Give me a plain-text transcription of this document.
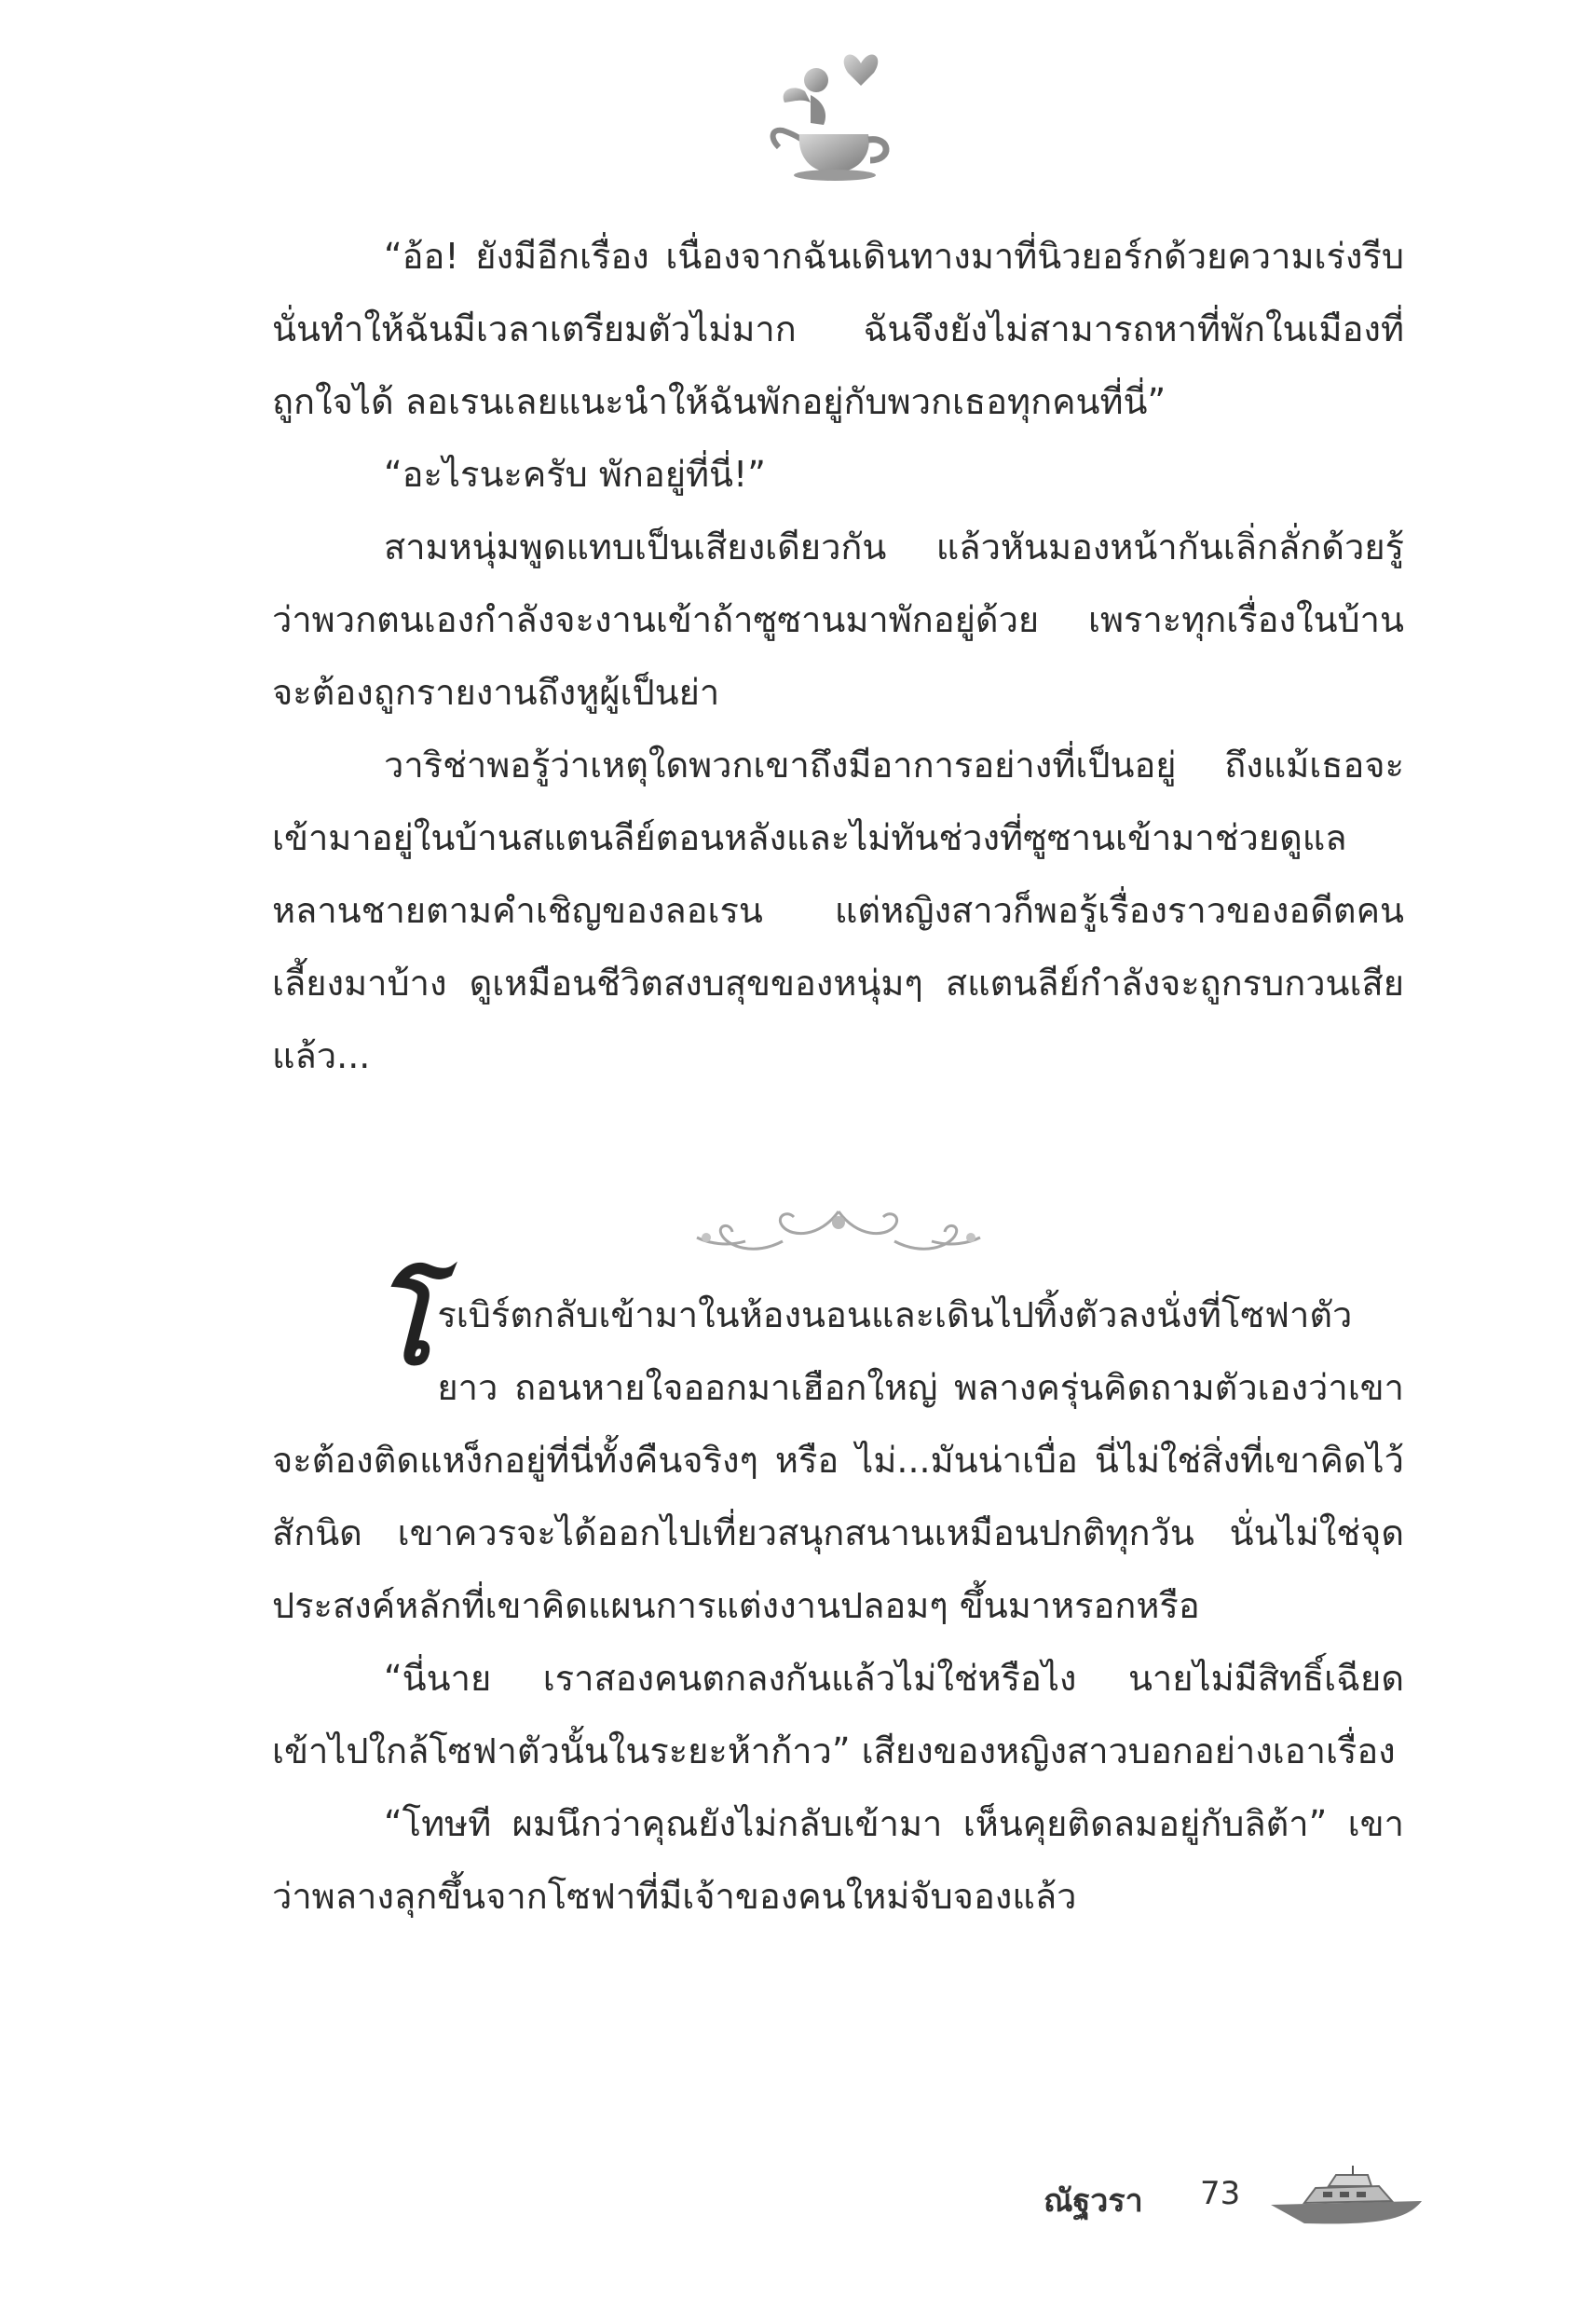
“อ้อ! ยังมีอีกเรื่อง เนื่องจากฉันเดินทางมาที่นิวยอร์กด้วยความเร่งรีบ นั่นทำให้ฉันมีเวลาเตรียมตัวไม่มาก ฉันจึงยังไม่สามารถหาที่พักในเมืองที่ถูกใจได้ ลอเรนเลยแนะนำให้ฉันพักอยู่กับพวกเธอทุกคนที่นี่”

“อะไรนะครับ พักอยู่ที่นี่!”

สามหนุ่มพูดแทบเป็นเสียงเดียวกัน แล้วหันมองหน้ากันเลิ่กลั่กด้วยรู้ว่าพวกตนเองกำลังจะงานเข้าถ้าซูซานมาพักอยู่ด้วย เพราะทุกเรื่องในบ้านจะต้องถูกรายงานถึงหูผู้เป็นย่า

วาริช่าพอรู้ว่าเหตุใดพวกเขาถึงมีอาการอย่างที่เป็นอยู่ ถึงแม้เธอจะเข้ามาอยู่ในบ้านสแตนลีย์ตอนหลังและไม่ทันช่วงที่ซูซานเข้ามาช่วยดูแลหลานชายตามคำเชิญของลอเรน แต่หญิงสาวก็พอรู้เรื่องราวของอดีตคนเลี้ยงมาบ้าง ดูเหมือนชีวิตสงบสุขของหนุ่มๆ สแตนลีย์กำลังจะถูกรบกวนเสียแล้ว...

โรเบิร์ตกลับเข้ามาในห้องนอนและเดินไปทิ้งตัวลงนั่งที่โซฟาตัวยาว ถอนหายใจออกมาเฮือกใหญ่ พลางครุ่นคิดถามตัวเองว่าเขาจะต้องติดแหง็กอยู่ที่นี่ทั้งคืนจริงๆ หรือ ไม่...มันน่าเบื่อ นี่ไม่ใช่สิ่งที่เขาคิดไว้สักนิด เขาควรจะได้ออกไปเที่ยวสนุกสนานเหมือนปกติทุกวัน นั่นไม่ใช่จุดประสงค์หลักที่เขาคิดแผนการแต่งงานปลอมๆ ขึ้นมาหรอกหรือ

“นี่นาย เราสองคนตกลงกันแล้วไม่ใช่หรือไง นายไม่มีสิทธิ์เฉียดเข้าไปใกล้โซฟาตัวนั้นในระยะห้าก้าว” เสียงของหญิงสาวบอกอย่างเอาเรื่อง

“โทษที ผมนึกว่าคุณยังไม่กลับเข้ามา เห็นคุยติดลมอยู่กับลิต้า” เขาว่าพลางลุกขึ้นจากโซฟาที่มีเจ้าของคนใหม่จับจองแล้ว

ณัฐวรา 73
